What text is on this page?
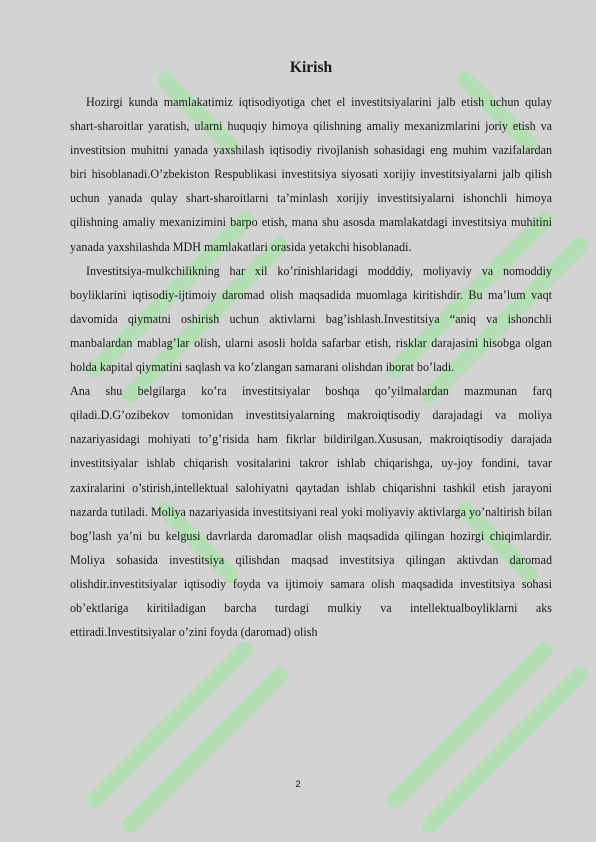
Kirish

Hozirgi kunda mamlakatimiz iqtisodiyotiga chet el investitsiyalarini jalb etish uchun qulay shart-sharoitlar yaratish, ularni huquqiy himoya qilishning amaliy mexanizmlarini joriy etish va investitsion muhitni yanada yaxshilash iqtisodiy rivojlanish sohasidagi eng muhim vazifalardan biri hisoblanadi.O’zbekiston Respublikasi investitsiya siyosati xorijiy investitsiyalarni jalb qilish uchun yanada qulay shart-sharoitlarni ta’minlash xorijiy investitsiyalarni ishonchli himoya qilishning amaliy mexanizimini barpo etish, mana shu asosda mamlakatdagi investitsiya muhitini yanada yaxshilashda MDH mamlakatlari orasida yetakchi hisoblanadi.

Investitsiya-mulkchilikning har xil ko’rinishlaridagi modddiy, moliyaviy va nomoddiy boyliklarini iqtisodiy-ijtimoiy daromad olish maqsadida muomlaga kiritishdir. Bu ma’lum vaqt davomida qiymatni oshirish uchun aktivlarni bag’ishlash.Investitsiya “aniq va ishonchli manbalardan mablag’lar olish, ularni asosli holda safarbar etish, risklar darajasini hisobga olgan holda kapital qiymatini saqlash va ko’zlangan samarani olishdan iborat bo’ladi.

Ana shu belgilarga ko’ra investitsiyalar boshqa qo’yilmalardan mazmunan farq qiladi.D.G’ozibekov tomonidan investitsiyalarning makroiqtisodiy darajadagi va moliya nazariyasidagi mohiyati to’g’risida ham fikrlar bildirilgan.Xususan, makroiqtisodiy darajada investitsiyalar ishlab chiqarish vositalarini takror ishlab chiqarishga, uy-joy fondini, tavar zaxiralarini o’stirish,intellektual salohiyatni qaytadan ishlab chiqarishni tashkil etish jarayoni nazarda tutiladi. Moliya nazariyasida investitsiyani real yoki moliyaviy aktivlarga yo’naltirish bilan bog’lash ya’ni bu kelgusi davrlarda daromadlar olish maqsadida qilingan hozirgi chiqimlardir. Moliya sohasida investitsiya qilishdan maqsad investitsiya qilingan aktivdan daromad olishdir.investitsiyalar iqtisodiy foyda va ijtimoiy samara olish maqsadida investitsiya sohasi ob’ektlariga kiritiladigan barcha turdagi mulkiy va intellektualboyliklarni aks ettiradi.Investitsiyalar o’zini foyda (daromad) olish

2
